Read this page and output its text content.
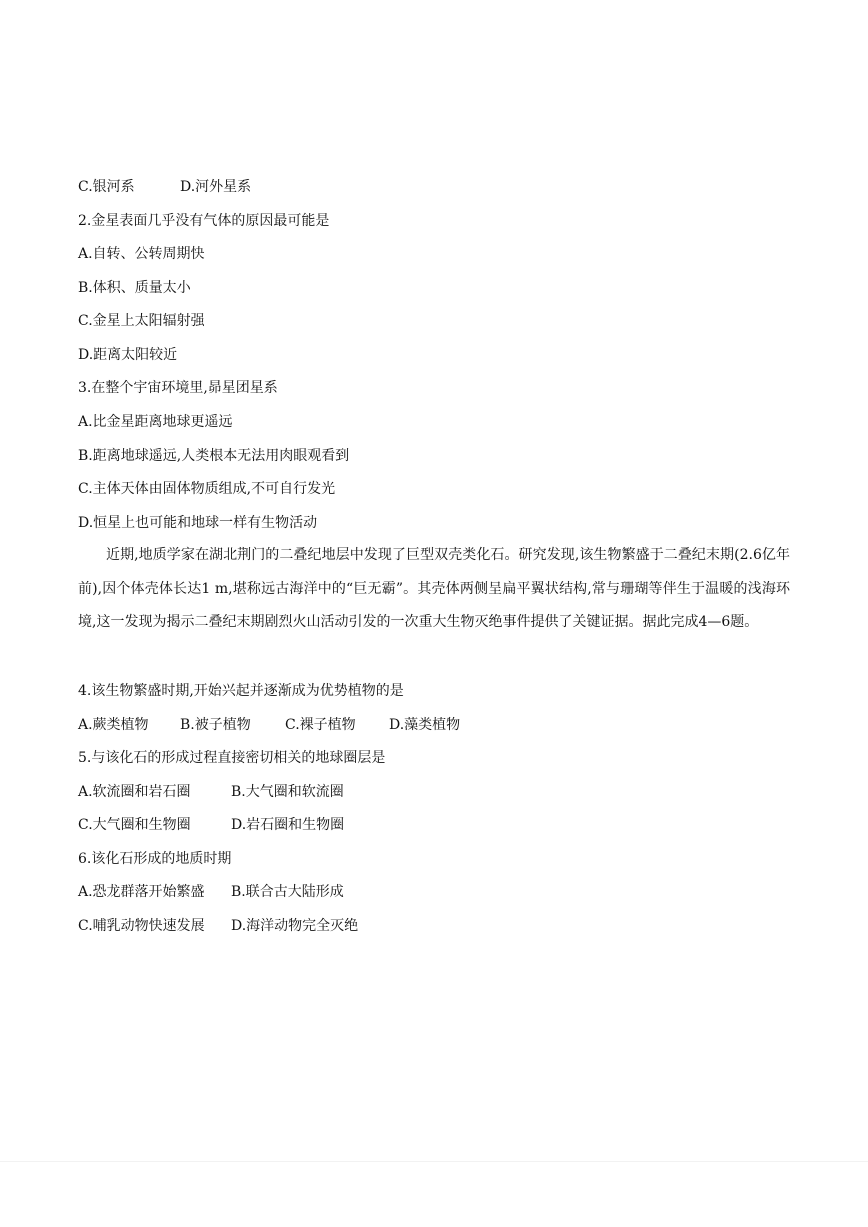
C.银河系	D.河外星系
2.金星表面几乎没有气体的原因最可能是
A.自转、公转周期快
B.体积、质量太小
C.金星上太阳辐射强
D.距离太阳较近
3.在整个宇宙环境里,昴星团星系
A.比金星距离地球更遥远
B.距离地球遥远,人类根本无法用肉眼观看到
C.主体天体由固体物质组成,不可自行发光
D.恒星上也可能和地球一样有生物活动
近期,地质学家在湖北荆门的二叠纪地层中发现了巨型双壳类化石。研究发现,该生物繁盛于二叠纪末期(2.6亿年前),因个体壳体长达1 m,堪称远古海洋中的“巨无霸”。其壳体两侧呈扁平翼状结构,常与珊瑚等伴生于温暖的浅海环境,这一发现为揭示二叠纪末期剧烈火山活动引发的一次重大生物灭绝事件提供了关键证据。据此完成4—6题。
4.该生物繁盛时期,开始兴起并逐渐成为优势植物的是
A.蕨类植物 B.被子植物 C.裸子植物 D.藻类植物
5.与该化石的形成过程直接密切相关的地球圈层是
A.软流圈和岩石圈	B.大气圈和软流圈
C.大气圈和生物圈	D.岩石圈和生物圈
6.该化石形成的地质时期
A.恐龙群落开始繁盛 B.联合古大陆形成
C.哺乳动物快速发展 D.海洋动物完全灭绝
